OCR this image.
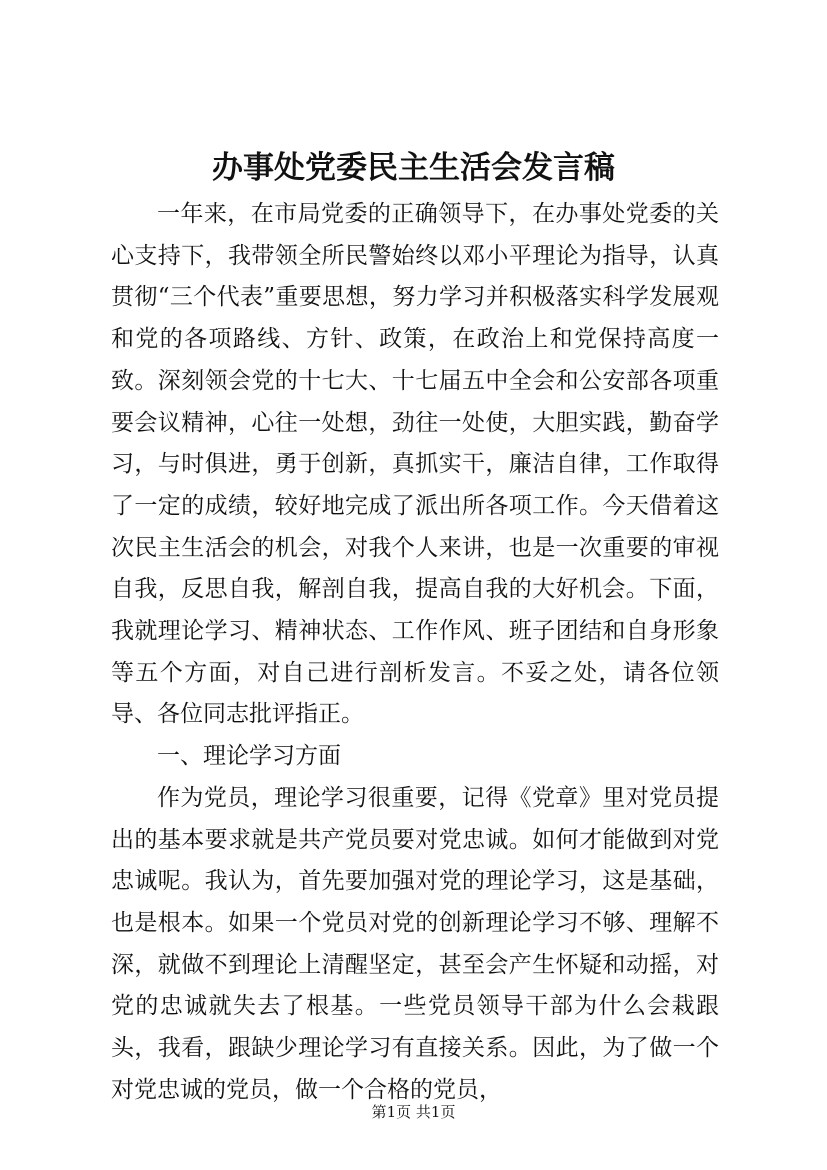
办事处党委民主生活会发言稿

一年来，在市局党委的正确领导下，在办事处党委的关心支持下，我带领全所民警始终以邓小平理论为指导，认真贯彻“三个代表”重要思想，努力学习并积极落实科学发展观和党的各项路线、方针、政策，在政治上和党保持高度一致。深刻领会党的十七大、十七届五中全会和公安部各项重要会议精神，心往一处想，劲往一处使，大胆实践，勤奋学习，与时俱进，勇于创新，真抓实干，廉洁自律，工作取得了一定的成绩，较好地完成了派出所各项工作。今天借着这次民主生活会的机会，对我个人来讲，也是一次重要的审视自我，反思自我，解剖自我，提高自我的大好机会。下面，我就理论学习、精神状态、工作作风、班子团结和自身形象等五个方面，对自己进行剖析发言。不妥之处，请各位领导、各位同志批评指正。

一、理论学习方面

作为党员，理论学习很重要，记得《党章》里对党员提出的基本要求就是共产党员要对党忠诚。如何才能做到对党忠诚呢。我认为，首先要加强对党的理论学习，这是基础，也是根本。如果一个党员对党的创新理论学习不够、理解不深，就做不到理论上清醒坚定，甚至会产生怀疑和动摇，对党的忠诚就失去了根基。一些党员领导干部为什么会栽跟头，我看，跟缺少理论学习有直接关系。因此，为了做一个对党忠诚的党员，做一个合格的党员，

第1页 共1页
